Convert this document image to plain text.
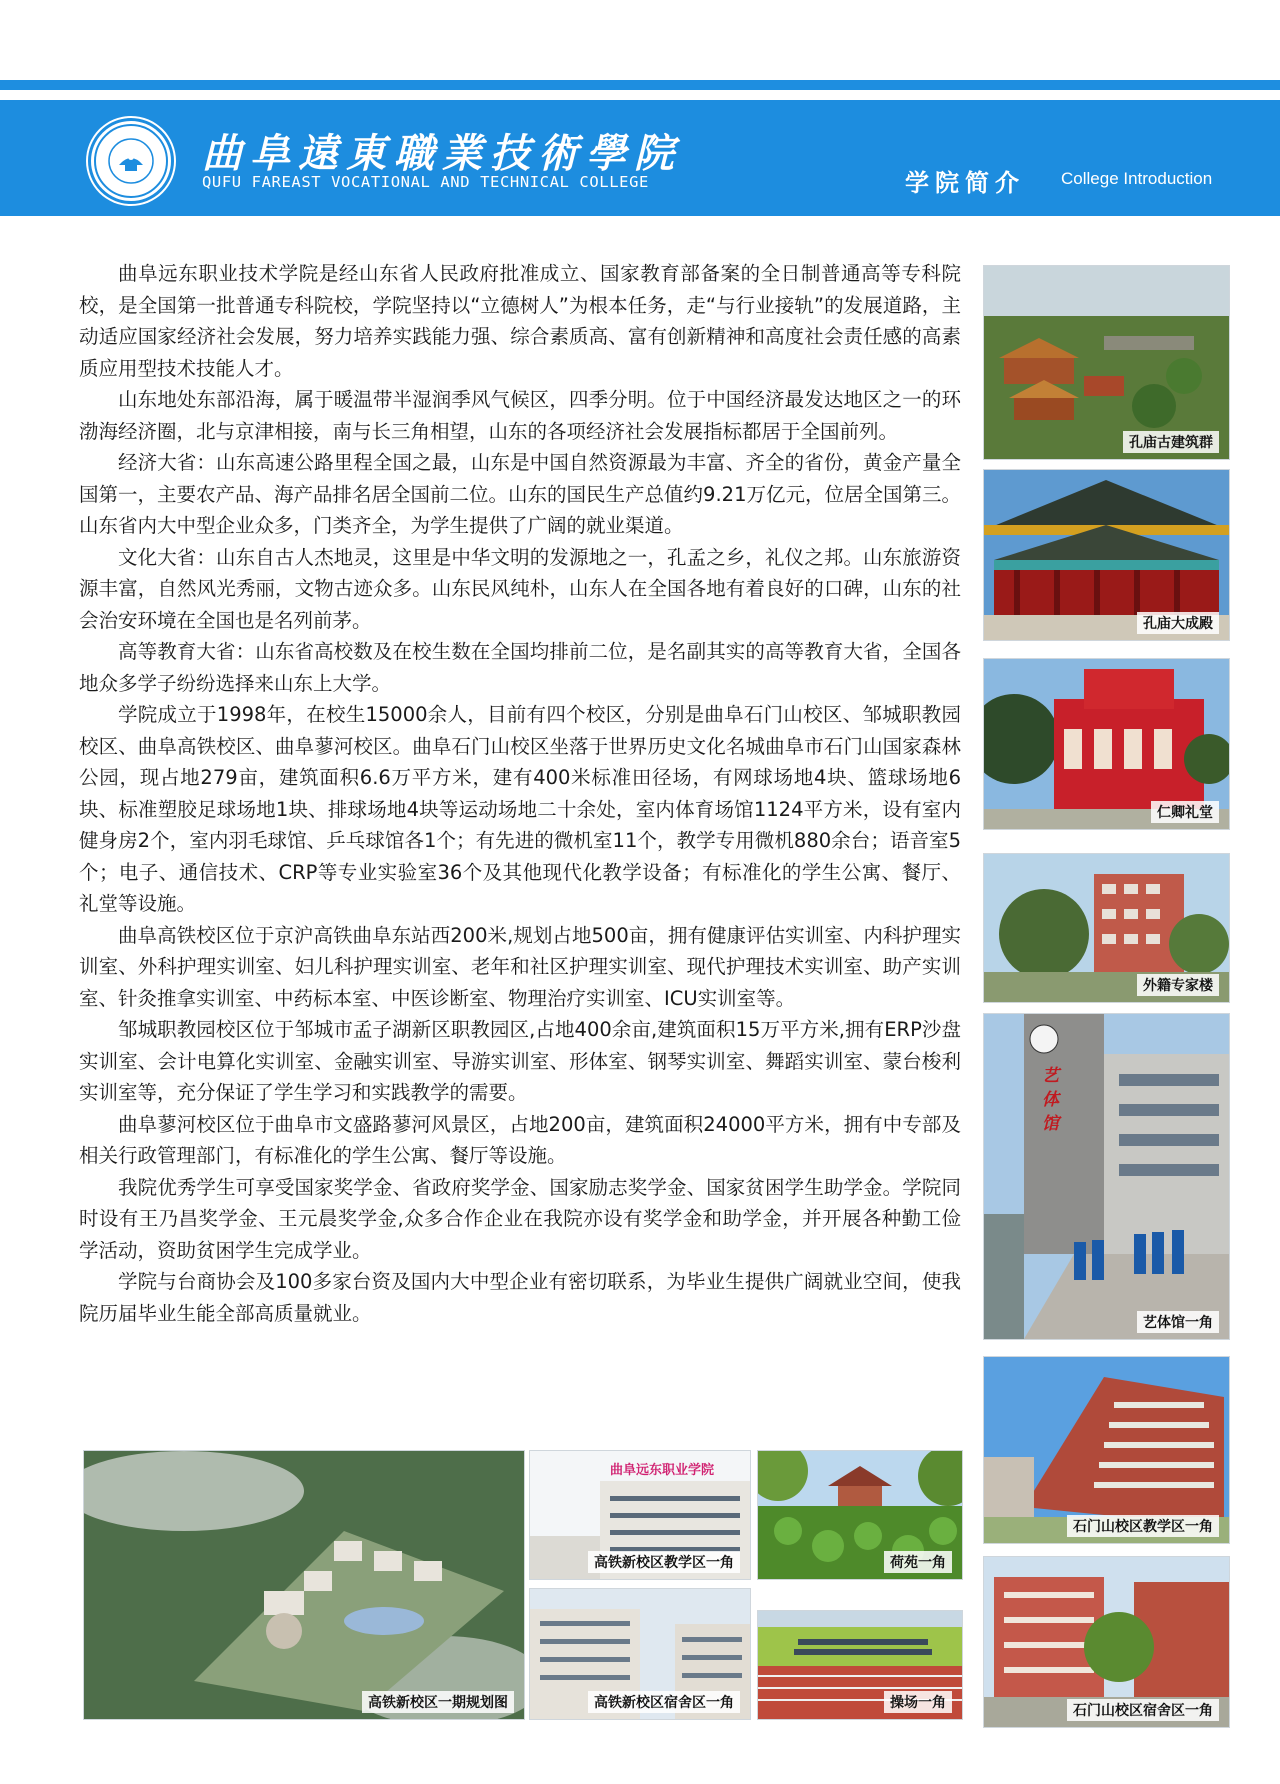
曲阜遠東職業技術學院
QUFU FAREAST VOCATIONAL AND TECHNICAL COLLEGE	学院简介 College Introduction

曲阜远东职业技术学院是经山东省人民政府批准成立、国家教育部备案的全日制普通高等专科院校，是全国第一批普通专科院校，学院坚持以“立德树人”为根本任务，走“与行业接轨”的发展道路，主动适应国家经济社会发展，努力培养实践能力强、综合素质高、富有创新精神和高度社会责任感的高素质应用型技术技能人才。

山东地处东部沿海，属于暖温带半湿润季风气候区，四季分明。位于中国经济最发达地区之一的环渤海经济圈，北与京津相接，南与长三角相望，山东的各项经济社会发展指标都居于全国前列。

经济大省：山东高速公路里程全国之最，山东是中国自然资源最为丰富、齐全的省份，黄金产量全国第一，主要农产品、海产品排名居全国前二位。山东的国民生产总值约9.21万亿元，位居全国第三。山东省内大中型企业众多，门类齐全，为学生提供了广阔的就业渠道。

文化大省：山东自古人杰地灵，这里是中华文明的发源地之一，孔孟之乡，礼仪之邦。山东旅游资源丰富，自然风光秀丽，文物古迹众多。山东民风纯朴，山东人在全国各地有着良好的口碑，山东的社会治安环境在全国也是名列前茅。

高等教育大省：山东省高校数及在校生数在全国均排前二位，是名副其实的高等教育大省，全国各地众多学子纷纷选择来山东上大学。

学院成立于1998年，在校生15000余人，目前有四个校区，分别是曲阜石门山校区、邹城职教园校区、曲阜高铁校区、曲阜蓼河校区。曲阜石门山校区坐落于世界历史文化名城曲阜市石门山国家森林公园，现占地279亩，建筑面积6.6万平方米，建有400米标准田径场，有网球场地4块、篮球场地6块、标准塑胶足球场地1块、排球场地4块等运动场地二十余处，室内体育场馆1124平方米，设有室内健身房2个，室内羽毛球馆、乒乓球馆各1个；有先进的微机室11个，教学专用微机880余台；语音室5个；电子、通信技术、CRP等专业实验室36个及其他现代化教学设备；有标准化的学生公寓、餐厅、礼堂等设施。

曲阜高铁校区位于京沪高铁曲阜东站西200米,规划占地500亩，拥有健康评估实训室、内科护理实训室、外科护理实训室、妇儿科护理实训室、老年和社区护理实训室、现代护理技术实训室、助产实训室、针灸推拿实训室、中药标本室、中医诊断室、物理治疗实训室、ICU实训室等。

邹城职教园校区位于邹城市孟子湖新区职教园区,占地400余亩,建筑面积15万平方米,拥有ERP沙盘实训室、会计电算化实训室、金融实训室、导游实训室、形体室、钢琴实训室、舞蹈实训室、蒙台梭利实训室等，充分保证了学生学习和实践教学的需要。

曲阜蓼河校区位于曲阜市文盛路蓼河风景区，占地200亩，建筑面积24000平方米，拥有中专部及相关行政管理部门，有标准化的学生公寓、餐厅等设施。

我院优秀学生可享受国家奖学金、省政府奖学金、国家励志奖学金、国家贫困学生助学金。学院同时设有王乃昌奖学金、王元晨奖学金,众多合作企业在我院亦设有奖学金和助学金，并开展各种勤工俭学活动，资助贫困学生完成学业。

学院与台商协会及100多家台资及国内大中型企业有密切联系，为毕业生提供广阔就业空间，使我院历届毕业生能全部高质量就业。

孔庙古建筑群
孔庙大成殿
仁卿礼堂
外籍专家楼
艺体馆
艺体馆一角
石门山校区教学区一角
石门山校区宿舍区一角
高铁新校区一期规划图
曲阜远东职业学院
高铁新校区教学区一角	荷苑一角
高铁新校区宿舍区一角	操场一角
